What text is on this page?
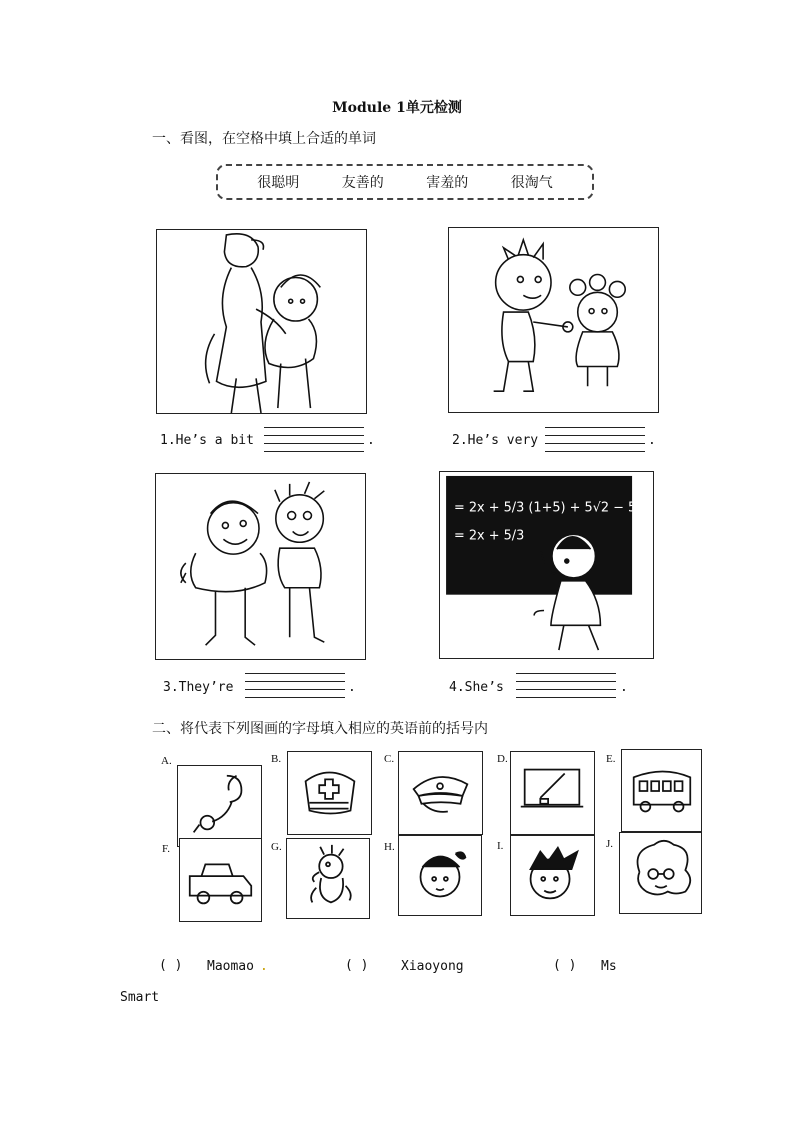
Module 1单元检测
一、看图，在空格中填上合适的单词
很聪明	友善的	害羞的	很淘气
1.He’s a bit	.	2.He’s very	.
= 2x + 5/3 (1+5) + 5√2 − 5
= 2x + 5/3
3.They’re	.	4.She’s	.
二、将代表下列图画的字母填入相应的英语前的括号内
A.	B.	C.	D.	E.
F.	G.	H.	I.	J.
( ) Maomao .	( )	Xiaoyong	( ) Ms
Smart
